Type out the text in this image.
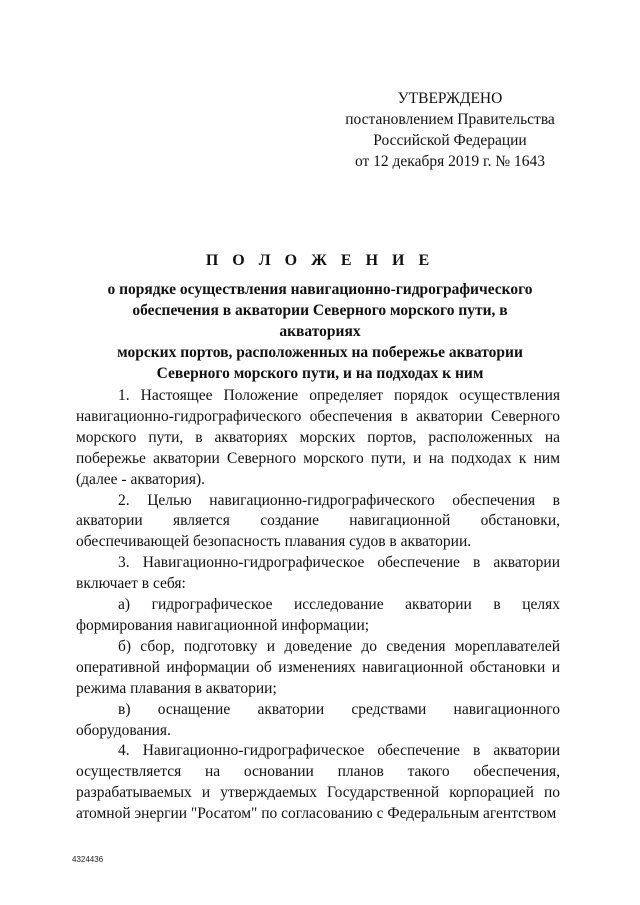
УТВЕРЖДЕНО
постановлением Правительства
Российской Федерации
от 12 декабря 2019 г. № 1643
П О Л О Ж Е Н И Е
о порядке осуществления навигационно-гидрографического
обеспечения в акватории Северного морского пути, в акваториях
морских портов, расположенных на побережье акватории
Северного морского пути, и на подходах к ним

1. Настоящее Положение определяет порядок осуществления навигационно-гидрографического обеспечения в акватории Северного морского пути, в акваториях морских портов, расположенных на побережье акватории Северного морского пути, и на подходах к ним (далее - акватория).

2. Целью навигационно-гидрографического обеспечения в акватории является создание навигационной обстановки, обеспечивающей безопасность плавания судов в акватории.

3. Навигационно-гидрографическое обеспечение в акватории включает в себя:

а) гидрографическое исследование акватории в целях формирования навигационной информации;

б) сбор, подготовку и доведение до сведения мореплавателей оперативной информации об изменениях навигационной обстановки и режима плавания в акватории;

в) оснащение акватории средствами навигационного оборудования.

4. Навигационно-гидрографическое обеспечение в акватории осуществляется на основании планов такого обеспечения, разрабатываемых и утверждаемых Государственной корпорацией по атомной энергии "Росатом" по согласованию с Федеральным агентством

4324436
